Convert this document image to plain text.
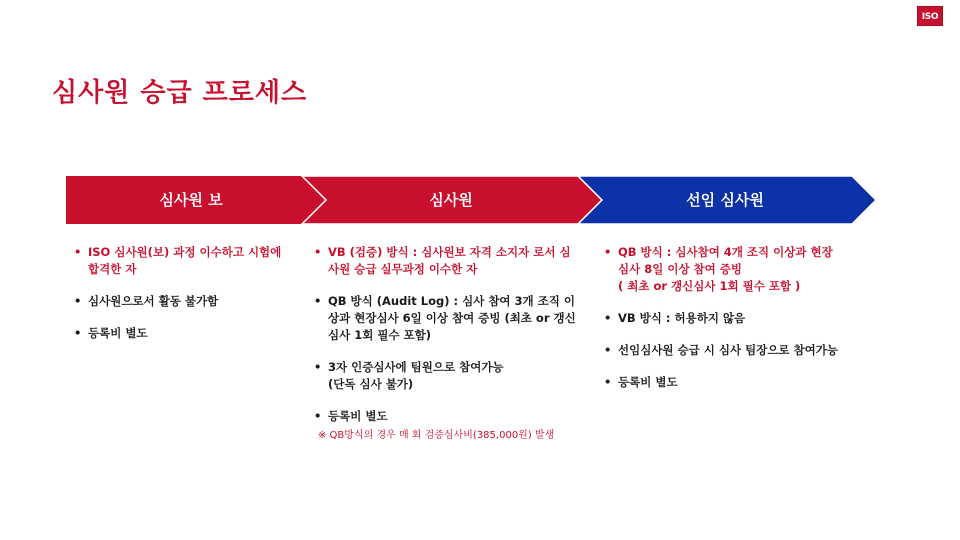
ISO
심사원 승급 프로세스
심사원 보	심사원	선임 심사원
• ISO 심사원(보) 과정 이수하고 시험에 합격한 자
• 심사원으로서 활동 불가함
• 등록비 별도
• VB (검증) 방식 : 심사원보 자격 소지자 로서 심사원 승급 실무과정 이수한 자
• QB 방식 (Audit Log) : 심사 참여 3개 조직 이상과 현장심사 6일 이상 참여 증빙 (최초 or 갱신심사 1회 필수 포함)
• 3자 인증심사에 팀원으로 참여가능
(단독 심사 불가)
• 등록비 별도
• QB 방식 : 심사참여 4개 조직 이상과 현장 심사 8일 이상 참여 증빙
( 최초 or 갱신심사 1회 필수 포함 )
• VB 방식 : 허용하지 않음
• 선임심사원 승급 시 심사 팀장으로 참여가능
• 등록비 별도
※ QB방식의 경우 매 회 검증심사비(385,000원) 발생
